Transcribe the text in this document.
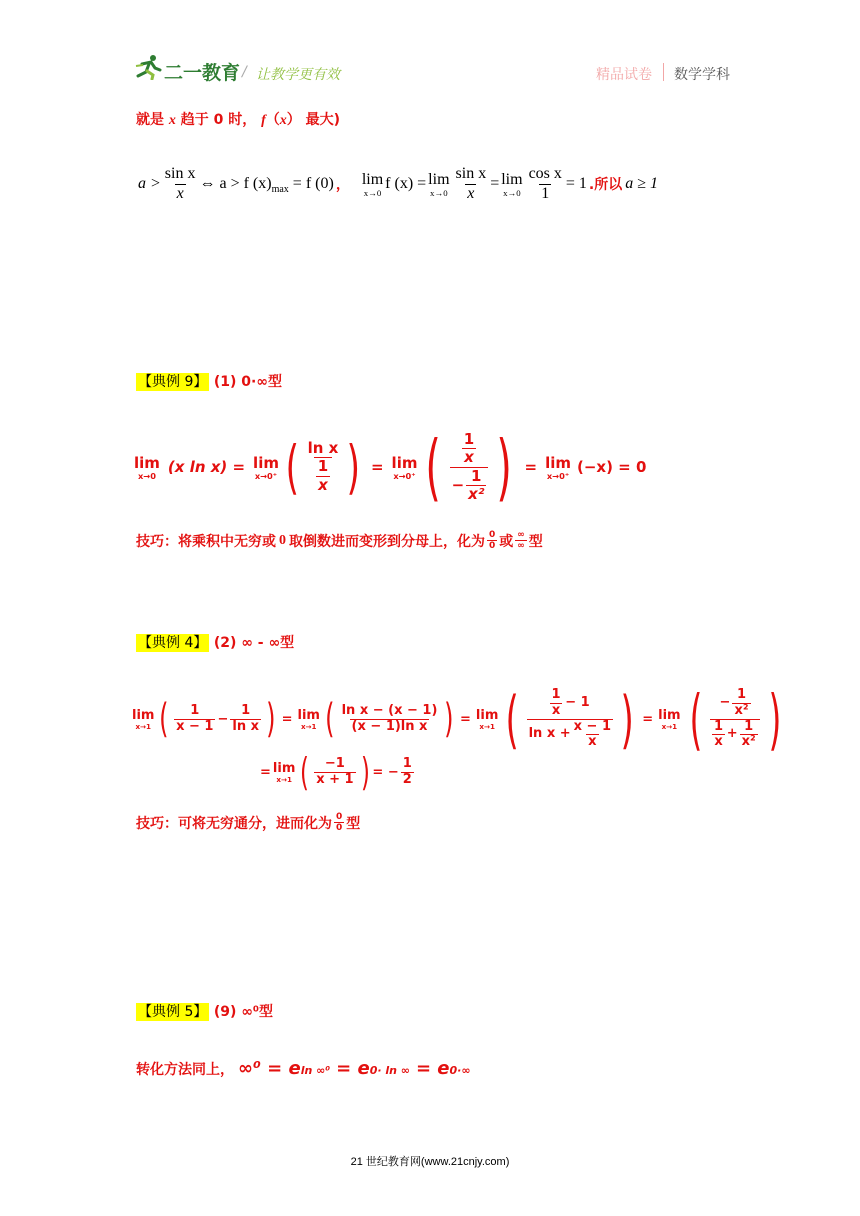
二一教育 / 让教学更有效	精品试卷 数学学科
就是 x 趋于 0 时， f（x） 最大)
$a > \frac{\text{sin x}}{x}$ ⇔ a > f (x) max = f (0) ， lim
x→0
f (x) = lim
$x\to 0 \frac{\text{sin x}}{x} = \lim$
$x\to 0 \frac{\text{cos x}}{1} = 1$ .所以 a ≥ 1
【典例 9】 (1) 0·∞型
lim
x→0 (x ln x) = lim
x→0⁺ ( ln x
1
x ) = lim
x→0⁺ ( 1
x
− $\frac{1}{\text{x²}}$ ) = lim
x→0⁺ (−x) = 0
技巧：将乘积中无穷或 0 取倒数进而变形到分母上，化为 $\frac{0}{0}$ 或 $\frac{\infty}{\infty}$ 型
【典例 4】 (2) ∞ - ∞型
lim
x→1 ( $\frac{1}{x - 1} - \frac{1}{\text{ln x}}$ ) = lim
x→1 ( $\frac{\text{ln x − (x − 1)}}{\text{(x − 1)ln x}}$ ) = lim
x→1 ( 1
x
− 1
$\ln x + \frac{x - 1}{x}$ ) = lim
x→1 ( − $\frac{1}{\text{x²}}$
1
x
+ $\frac{1}{\text{x²}}$ )
= lim
x→1 ( $\frac{-1}{x + 1}$ ) = − $\frac{1}{2}$
技巧：可将无穷通分，进而化为 $\frac{0}{0}$ 型
【典例 5】 (9) ∞⁰型
转化方法同上， ∞⁰ = e ln ∞⁰ = e 0· ln ∞ = e 0·∞
21 世纪教育网(www.21cnjy.com)
